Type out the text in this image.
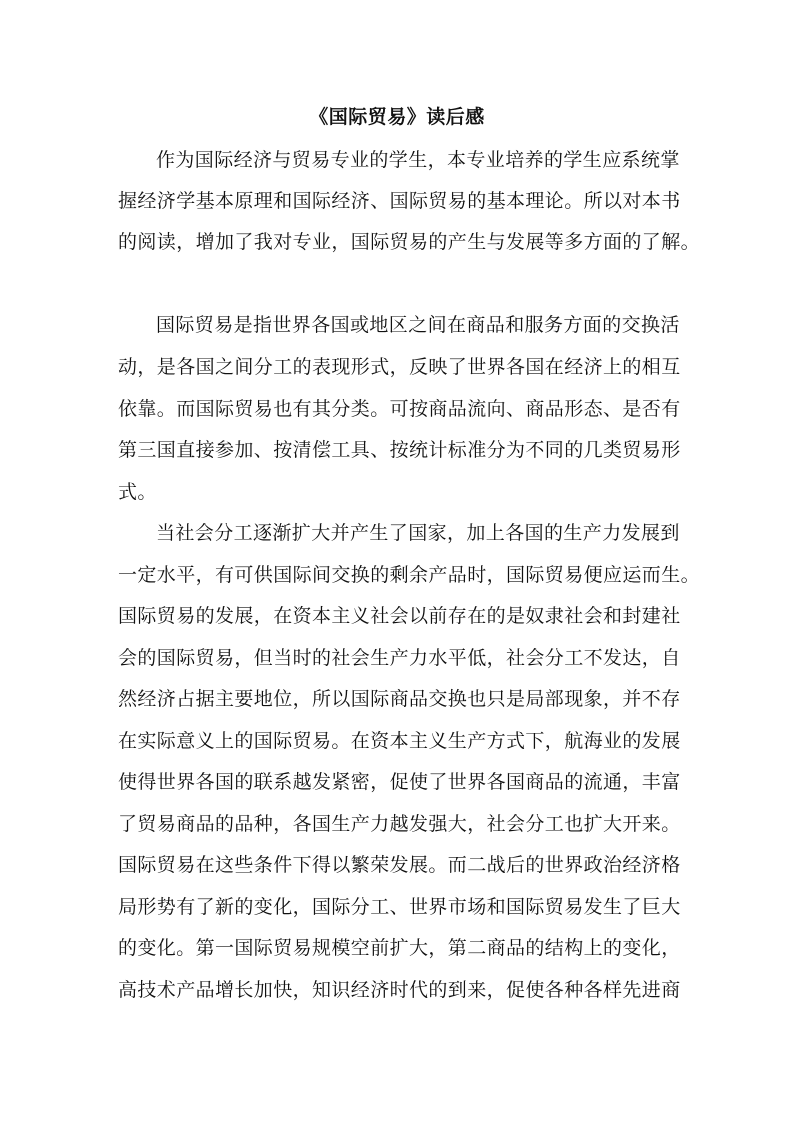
《国际贸易》读后感
作为国际经济与贸易专业的学生，本专业培养的学生应系统掌
握经济学基本原理和国际经济、国际贸易的基本理论。所以对本书
的阅读，增加了我对专业，国际贸易的产生与发展等多方面的了解。
国际贸易是指世界各国或地区之间在商品和服务方面的交换活
动，是各国之间分工的表现形式，反映了世界各国在经济上的相互
依靠。而国际贸易也有其分类。可按商品流向、商品形态、是否有
第三国直接参加、按清偿工具、按统计标准分为不同的几类贸易形
式。
当社会分工逐渐扩大并产生了国家，加上各国的生产力发展到
一定水平，有可供国际间交换的剩余产品时，国际贸易便应运而生。
国际贸易的发展，在资本主义社会以前存在的是奴隶社会和封建社
会的国际贸易，但当时的社会生产力水平低，社会分工不发达，自
然经济占据主要地位，所以国际商品交换也只是局部现象，并不存
在实际意义上的国际贸易。在资本主义生产方式下，航海业的发展
使得世界各国的联系越发紧密，促使了世界各国商品的流通，丰富
了贸易商品的品种，各国生产力越发强大，社会分工也扩大开来。
国际贸易在这些条件下得以繁荣发展。而二战后的世界政治经济格
局形势有了新的变化，国际分工、世界市场和国际贸易发生了巨大
的变化。第一国际贸易规模空前扩大，第二商品的结构上的变化，
高技术产品增长加快，知识经济时代的到来，促使各种各样先进商
